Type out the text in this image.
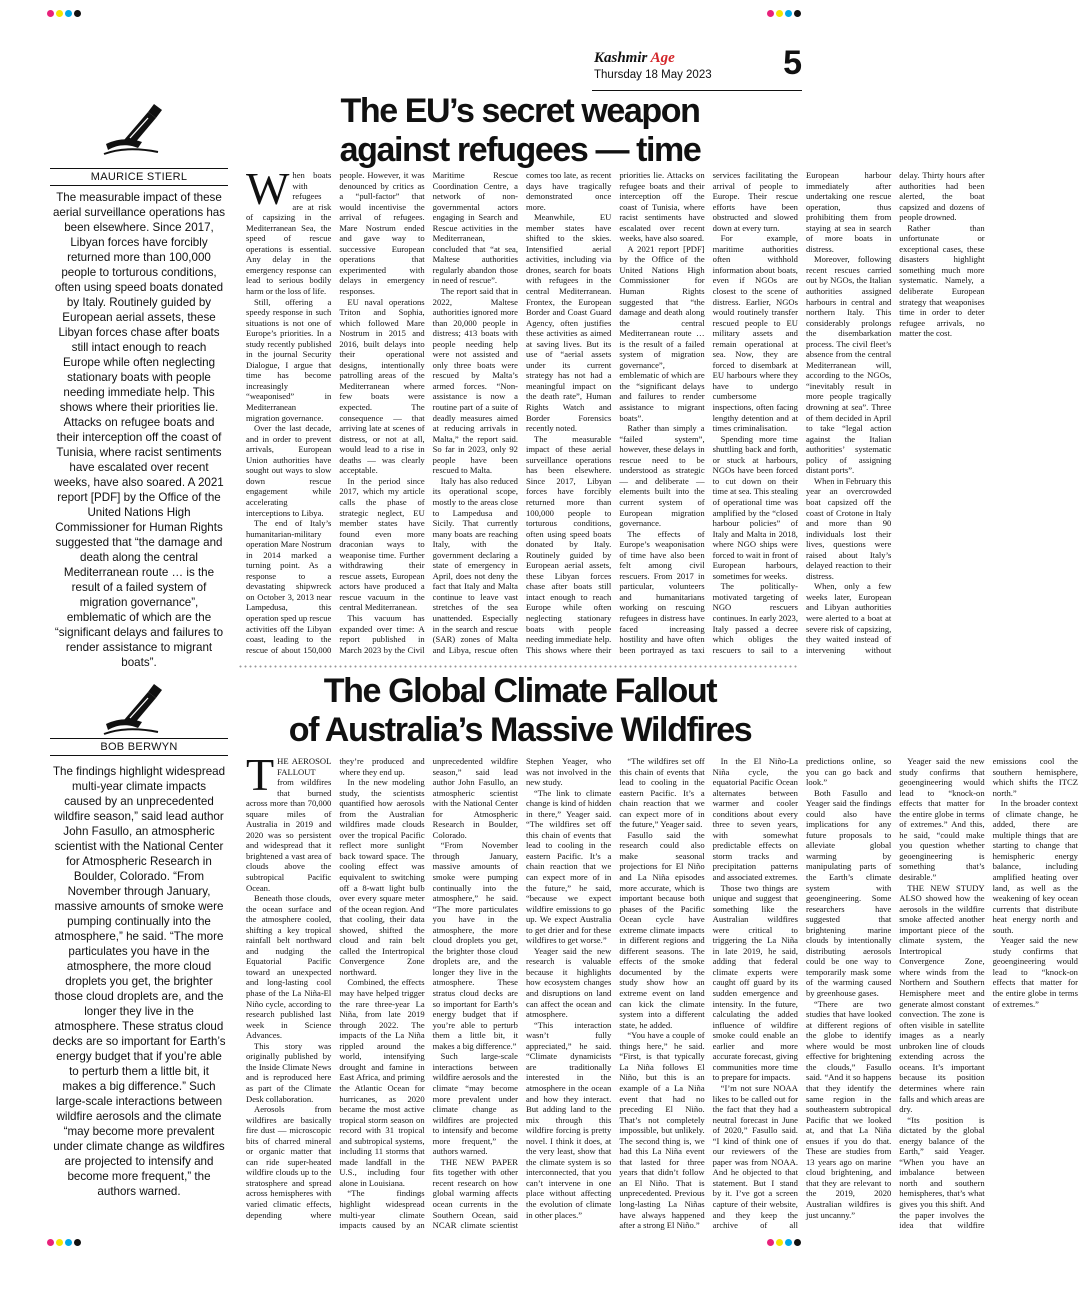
Kashmir Age
Thursday 18 May 2023 5
MAURICE STIERL
The measurable impact of these aerial surveillance operations has been elsewhere. Since 2017, Libyan forces have forcibly returned more than 100,000 people to torturous conditions, often using speed boats donated by Italy. Routinely guided by European aerial assets, these Libyan forces chase after boats still intact enough to reach Europe while often neglecting stationary boats with people needing immediate help. This shows where their priorities lie. Attacks on refugee boats and their interception off the coast of Tunisia, where racist sentiments have escalated over recent weeks, have also soared. A 2021 report [PDF] by the Office of the United Nations High Commissioner for Human Rights suggested that “the damage and death along the central Mediterranean route … is the result of a failed system of migration governance”, emblematic of which are the “significant delays and failures to render assistance to migrant boats”.
The EU’s secret weapon
against refugees — time

When boats with refugees are at risk of capsizing in the Mediterranean Sea, the speed of rescue operations is essential. Any delay in the emergency response can lead to serious bodily harm or the loss of life.

Still, offering a speedy response in such situations is not one of Europe’s priorities. In a study recently published in the journal Security Dialogue, I argue that time has become increasingly “weaponised” in Mediterranean migration governance.

Over the last decade, and in order to prevent arrivals, European Union authorities have sought out ways to slow down rescue engagement while accelerating interceptions to Libya.

The end of Italy’s humanitarian-military operation Mare Nostrum in 2014 marked a turning point. As a response to a devastating shipwreck on October 3, 2013 near Lampedusa, this operation sped up rescue activities off the Libyan coast, leading to the rescue of about 150,000 people. However, it was denounced by critics as a “pull-factor” that would incentivise the arrival of refugees. Mare Nostrum ended and gave way to successive European operations that experimented with delays in emergency responses.

EU naval operations Triton and Sophia, which followed Mare Nostrum in 2015 and 2016, built delays into their operational designs, intentionally patrolling areas of the Mediterranean where few boats were expected. The consequence — that arriving late at scenes of distress, or not at all, would lead to a rise in deaths — was clearly acceptable.

In the period since 2017, which my article calls the phase of strategic neglect, EU member states have found even more draconian ways to weaponise time. Further withdrawing their rescue assets, European actors have produced a rescue vacuum in the central Mediterranean.

This vacuum has expanded over time: A report published in March 2023 by the Civil Maritime Rescue Coordination Centre, a network of non-governmental actors engaging in Search and Rescue activities in the Mediterranean, concluded that “at sea, Maltese authorities regularly abandon those in need of rescue”.

The report said that in 2022, Maltese authorities ignored more than 20,000 people in distress; 413 boats with people needing help were not assisted and only three boats were rescued by Malta’s armed forces. “Non-assistance is now a routine part of a suite of deadly measures aimed at reducing arrivals in Malta,” the report said. So far in 2023, only 92 people have been rescued to Malta.

Italy has also reduced its operational scope, mostly to the areas close to Lampedusa and Sicily. That currently many boats are reaching Italy, with the government declaring a state of emergency in April, does not deny the fact that Italy and Malta continue to leave vast stretches of the sea unattended. Especially in the search and rescue (SAR) zones of Malta and Libya, rescue often comes too late, as recent days have tragically demonstrated once more.

Meanwhile, EU member states have shifted to the skies. Intensified aerial activities, including via drones, search for boats with refugees in the central Mediterranean. Frontex, the European Border and Coast Guard Agency, often justifies these activities as aimed at saving lives. But its use of “aerial assets under its current strategy has not had a meaningful impact on the death rate”, Human Rights Watch and Border Forensics recently noted.

The measurable impact of these aerial surveillance operations has been elsewhere. Since 2017, Libyan forces have forcibly returned more than 100,000 people to torturous conditions, often using speed boats donated by Italy. Routinely guided by European aerial assets, these Libyan forces chase after boats still intact enough to reach Europe while often neglecting stationary boats with people needing immediate help. This shows where their priorities lie. Attacks on refugee boats and their interception off the coast of Tunisia, where racist sentiments have escalated over recent weeks, have also soared.

A 2021 report [PDF] by the Office of the United Nations High Commissioner for Human Rights suggested that “the damage and death along the central Mediterranean route … is the result of a failed system of migration governance”, emblematic of which are the “significant delays and failures to render assistance to migrant boats”.

Rather than simply a “failed system”, however, these delays in rescue need to be understood as strategic — and deliberate — elements built into the current system of European migration governance.

The effects of Europe’s weaponisation of time have also been felt among civil rescuers. From 2017 in particular, volunteers and humanitarians working on rescuing refugees in distress have faced increasing hostility and have often been portrayed as taxi services facilitating the arrival of people to Europe. Their rescue efforts have been obstructed and slowed down at every turn.

For example, maritime authorities often withhold information about boats, even if NGOs are closest to the scene of distress. Earlier, NGOs would routinely transfer rescued people to EU military assets and remain operational at sea. Now, they are forced to disembark at EU harbours where they have to undergo cumbersome inspections, often facing lengthy detention and at times criminalisation.

Spending more time shuttling back and forth, or stuck at harbours, NGOs have been forced to cut down on their time at sea. This stealing of operational time was amplified by the “closed harbour policies” of Italy and Malta in 2018, where NGO ships were forced to wait in front of European harbours, sometimes for weeks.

The politically-motivated targeting of NGO rescuers continues. In early 2023, Italy passed a decree which obliges the rescuers to sail to a European harbour immediately after undertaking one rescue operation, thus prohibiting them from staying at sea in search of more boats in distress.

Moreover, following recent rescues carried out by NGOs, the Italian authorities assigned harbours in central and northern Italy. This considerably prolongs the disembarkation process. The civil fleet’s absence from the central Mediterranean will, according to the NGOs, “inevitably result in more people tragically drowning at sea”. Three of them decided in April to take “legal action against the Italian authorities’ systematic policy of assigning distant ports”.

When in February this year an overcrowded boat capsized off the coast of Crotone in Italy and more than 90 individuals lost their lives, questions were raised about Italy’s delayed reaction to their distress.

When, only a few weeks later, European and Libyan authorities were alerted to a boat at severe risk of capsizing, they waited instead of intervening without delay. Thirty hours after authorities had been alerted, the boat capsized and dozens of people drowned.

Rather than unfortunate or exceptional cases, these disasters highlight something much more systematic. Namely, a deliberate European strategy that weaponises time in order to deter refugee arrivals, no matter the cost.

BOB BERWYN
The findings highlight widespread multi-year climate impacts caused by an unprecedented wildfire season,” said lead author John Fasullo, an atmospheric scientist with the National Center for Atmospheric Research in Boulder, Colorado. “From November through January, massive amounts of smoke were pumping continually into the atmosphere,” he said. “The more particulates you have in the atmosphere, the more cloud droplets you get, the brighter those cloud droplets are, and the longer they live in the atmosphere. These stratus cloud decks are so important for Earth’s energy budget that if you’re able to perturb them a little bit, it makes a big difference.” Such large-scale interactions between wildfire aerosols and the climate “may become more prevalent under climate change as wildfires are projected to intensify and become more frequent,” the authors warned.
The Global Climate Fallout
of Australia’s Massive Wildfires

THE AEROSOL FALLOUT from wildfires that burned across more than 70,000 square miles of Australia in 2019 and 2020 was so persistent and widespread that it brightened a vast area of clouds above the subtropical Pacific Ocean.

Beneath those clouds, the ocean surface and the atmosphere cooled, shifting a key tropical rainfall belt northward and nudging the Equatorial Pacific toward an unexpected and long-lasting cool phase of the La Niña-El Niño cycle, according to research published last week in Science Advances.

This story was originally published by the Inside Climate News and is reproduced here as part of the Climate Desk collaboration.

Aerosols from wildfires are basically fire dust — microscopic bits of charred mineral or organic matter that can ride super-heated wildfire clouds up to the stratosphere and spread across hemispheres with varied climatic effects, depending where they’re produced and where they end up.

In the new modeling study, the scientists quantified how aerosols from the Australian wildfires made clouds over the tropical Pacific reflect more sunlight back toward space. The cooling effect was equivalent to switching off a 8-watt light bulb over every square meter of the ocean region. And that cooling, their data showed, shifted the cloud and rain belt called the Intertropical Convergence Zone northward.

Combined, the effects may have helped trigger the rare three-year La Niña, from late 2019 through 2022. The impacts of the La Niña rippled around the world, intensifying drought and famine in East Africa, and priming the Atlantic Ocean for hurricanes, as 2020 became the most active tropical storm season on record with 31 tropical and subtropical systems, including 11 storms that made landfall in the U.S., including four alone in Louisiana.

“The findings highlight widespread multi-year climate impacts caused by an unprecedented wildfire season,” said lead author John Fasullo, an atmospheric scientist with the National Center for Atmospheric Research in Boulder, Colorado.

“From November through January, massive amounts of smoke were pumping continually into the atmosphere,” he said. “The more particulates you have in the atmosphere, the more cloud droplets you get, the brighter those cloud droplets are, and the longer they live in the atmosphere. These stratus cloud decks are so important for Earth’s energy budget that if you’re able to perturb them a little bit, it makes a big difference.”

Such large-scale interactions between wildfire aerosols and the climate “may become more prevalent under climate change as wildfires are projected to intensify and become more frequent,” the authors warned.

THE NEW PAPER fits together with other recent research on how global warming affects ocean currents in the Southern Ocean, said NCAR climate scientist Stephen Yeager, who was not involved in the new study.

“The link to climate change is kind of hidden in there,” Yeager said. “The wildfires set off this chain of events that lead to cooling in the eastern Pacific. It’s a chain reaction that we can expect more of in the future,” he said, “because we expect wildfire emissions to go up. We expect Australia to get drier and for these wildfires to get worse.”

Yeager said the new research is valuable because it highlights how ecosystem changes and disruptions on land can affect the ocean and atmosphere.

“This interaction wasn’t fully appreciated,” he said. “Climate dynamicists are traditionally interested in the atmosphere in the ocean and how they interact. But adding land to the mix through this wildfire forcing is pretty novel. I think it does, at the very least, show that the climate system is so interconnected, that you can’t intervene in one place without affecting the evolution of climate in other places.”

“The wildfires set off this chain of events that lead to cooling in the eastern Pacific. It’s a chain reaction that we can expect more of in the future,” Yeager said.

Fasullo said the research could also make seasonal projections for El Niño and La Niña episodes more accurate, which is important because both phases of the Pacific Ocean cycle have extreme climate impacts in different regions and different seasons. The effects of the smoke documented by the study show how an extreme event on land can kick the climate system into a different state, he added.

“You have a couple of things here,” he said. “First, is that typically La Niña follows El Niño, but this is an example of a La Niña event that had no preceding El Niño. That’s not completely impossible, but unlikely. The second thing is, we had this La Niña event that lasted for three years that didn’t follow an El Niño. That is unprecedented. Previous long-lasting La Niñas have always happened after a strong El Niño.”

In the El Niño-La Niña cycle, the equatorial Pacific Ocean alternates between warmer and cooler conditions about every three to seven years, with somewhat predictable effects on storm tracks and precipitation patterns and associated extremes.

Those two things are unique and suggest that something like the Australian wildfires were critical to triggering the La Niña in late 2019, he said, adding that federal climate experts were caught off guard by its sudden emergence and intensity. In the future, calculating the added influence of wildfire smoke could enable an earlier and more accurate forecast, giving communities more time to prepare for impacts.

“I’m not sure NOAA likes to be called out for the fact that they had a neutral forecast in June of 2020,” Fasullo said. “I kind of think one of our reviewers of the paper was from NOAA. And he objected to that statement. But I stand by it. I’ve got a screen capture of their website, and they keep the archive of all predictions online, so you can go back and look.”

Both Fasullo and Yeager said the findings could also have implications for any future proposals to alleviate global warming by manipulating parts of the Earth’s climate system with geoengineering. Some researchers have suggested that brightening marine clouds by intentionally distributing aerosols could be one way to temporarily mask some of the warming caused by greenhouse gases.

“There are two studies that have looked at different regions of the globe to identify where would be most effective for brightening the clouds,” Fasullo said. “And it so happens that they identify the same region in the southeastern subtropical Pacific that we looked at, and that La Niña ensues if you do that. These are studies from 13 years ago on marine cloud brightening, and that they are relevant to the 2019, 2020 Australian wildfires is just uncanny.”

Yeager said the new study confirms that geoengineering would lead to “knock-on effects that matter for the entire globe in terms of extremes.” And this, he said, “could make you question whether geoengineering is something that’s desirable.”

THE NEW STUDY ALSO showed how the aerosols in the wildfire smoke affected another important piece of the climate system, the Intertropical Convergence Zone, where winds from the Northern and Southern Hemisphere meet and generate almost constant convection. The zone is often visible in satellite images as a nearly unbroken line of clouds extending across the oceans. It’s important because its position determines where rain falls and which areas are dry.

“Its position is dictated by the global energy balance of the Earth,” said Yeager. “When you have an imbalance between north and southern hemispheres, that’s what gives you this shift. And the paper involves the idea that wildfire emissions cool the southern hemisphere, which shifts the ITCZ north.”

In the broader context of climate change, he added, there are multiple things that are starting to change that hemispheric energy balance, including amplified heating over land, as well as the weakening of key ocean currents that distribute heat energy north and south.

Yeager said the new study confirms that geoengineering would lead to “knock-on effects that matter for the entire globe in terms of extremes.”
